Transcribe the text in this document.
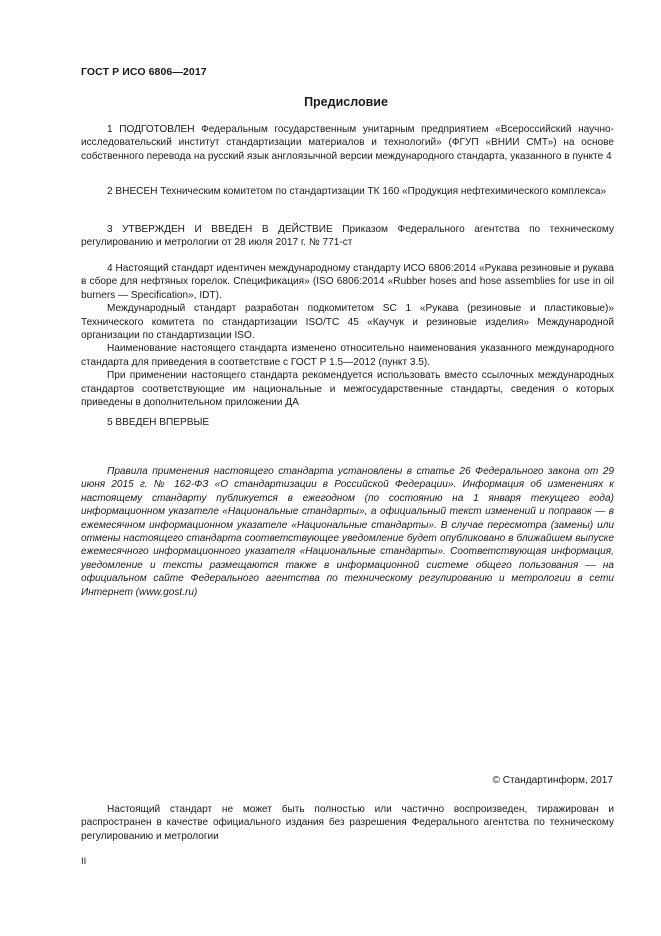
ГОСТ Р ИСО 6806—2017
Предисловие

1 ПОДГОТОВЛЕН Федеральным государственным унитарным предприятием «Всероссийский научно-исследовательский институт стандартизации материалов и технологий» (ФГУП «ВНИИ СМТ») на основе собственного перевода на русский язык англоязычной версии международного стандарта, указанного в пункте 4

2 ВНЕСЕН Техническим комитетом по стандартизации ТК 160 «Продукция нефтехимического комплекса»

3 УТВЕРЖДЕН И ВВЕДЕН В ДЕЙСТВИЕ Приказом Федерального агентства по техническому регулированию и метрологии от 28 июля 2017 г. № 771-ст

4 Настоящий стандарт идентичен международному стандарту ИСО 6806:2014 «Рукава резиновые и рукава в сборе для нефтяных горелок. Спецификация» (ISO 6806:2014 «Rubber hoses and hose assemblies for use in oil burners — Specification», IDT).

Международный стандарт разработан подкомитетом SC 1 «Рукава (резиновые и пластиковые)» Технического комитета по стандартизации ISO/TC 45 «Каучук и резиновые изделия» Международной организации по стандартизации ISO.

Наименование настоящего стандарта изменено относительно наименования указанного международного стандарта для приведения в соответствие с ГОСТ Р 1.5—2012 (пункт 3.5).

При применении настоящего стандарта рекомендуется использовать вместо ссылочных международных стандартов соответствующие им национальные и межгосударственные стандарты, сведения о которых приведены в дополнительном приложении ДА

5 ВВЕДЕН ВПЕРВЫЕ

Правила применения настоящего стандарта установлены в статье 26 Федерального закона от 29 июня 2015 г. № 162-ФЗ «О стандартизации в Российской Федерации». Информация об изменениях к настоящему стандарту публикуется в ежегодном (по состоянию на 1 января текущего года) информационном указателе «Национальные стандарты», а официальный текст изменений и поправок — в ежемесячном информационном указателе «Национальные стандарты». В случае пересмотра (замены) или отмены настоящего стандарта соответствующее уведомление будет опубликовано в ближайшем выпуске ежемесячного информационного указателя «Национальные стандарты». Соответствующая информация, уведомление и тексты размещаются также в информационной системе общего пользования — на официальном сайте Федерального агентства по техническому регулированию и метрологии в сети Интернет (www.gost.ru)

© Стандартинформ, 2017

Настоящий стандарт не может быть полностью или частично воспроизведен, тиражирован и распространен в качестве официального издания без разрешения Федерального агентства по техническому регулированию и метрологии

II
